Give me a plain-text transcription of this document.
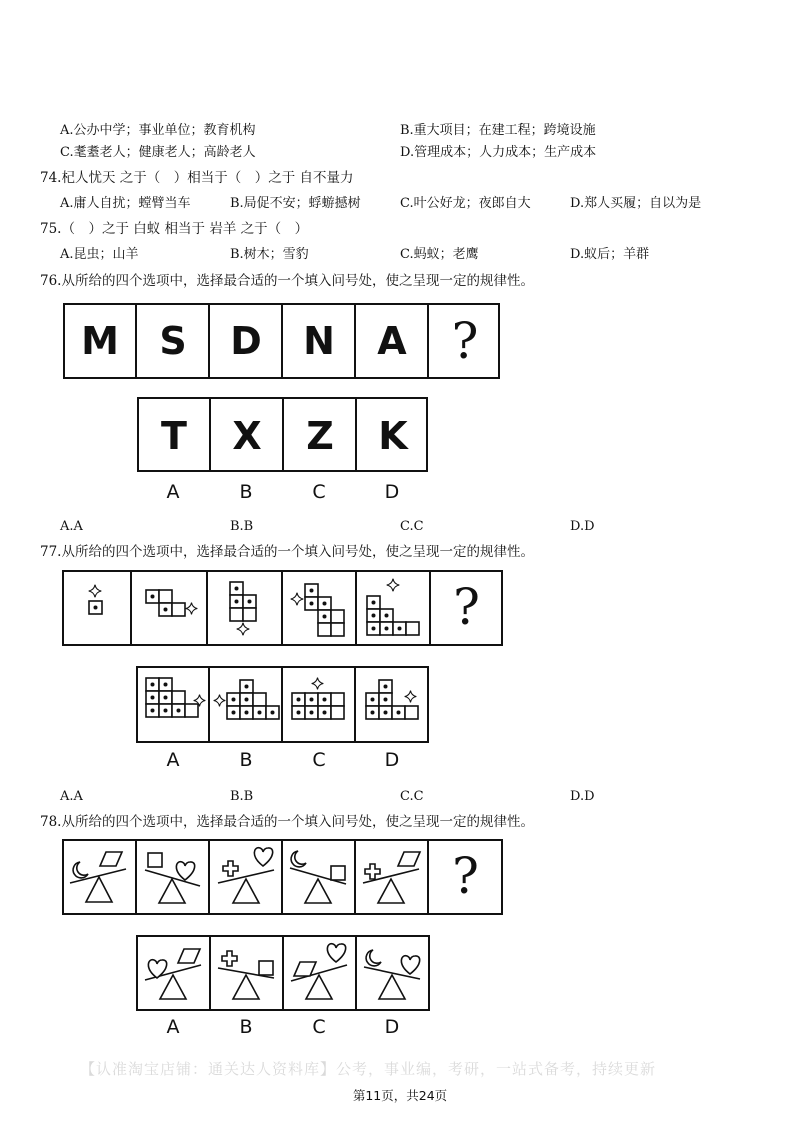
A.公办中学；事业单位；教育机构	B.重大项目；在建工程；跨境设施
C.耄耋老人；健康老人；高龄老人	D.管理成本；人力成本；生产成本
74.杞人忧天 之于（　）相当于（　）之于 自不量力
A.庸人自扰；螳臂当车	B.局促不安；蜉蝣撼树	C.叶公好龙；夜郎自大	D.郑人买履；自以为是
75.（　）之于 白蚁 相当于 岩羊 之于（　）
A.昆虫；山羊	B.树木；雪豹	C.蚂蚁；老鹰	D.蚁后；羊群
76.从所给的四个选项中，选择最合适的一个填入问号处，使之呈现一定的规律性。
M	S	D	N	A ?
T	X	Z	K
A	B	C	D
A.A	B.B	C.C	D.D
77.从所给的四个选项中，选择最合适的一个填入问号处，使之呈现一定的规律性。
?
A	B	C	D
A.A	B.B	C.C	D.D
78.从所给的四个选项中，选择最合适的一个填入问号处，使之呈现一定的规律性。
?
A	B	C	D
【认准淘宝店铺：通关达人资料库】公考，事业编，考研，一站式备考，持续更新
第11页，共24页
